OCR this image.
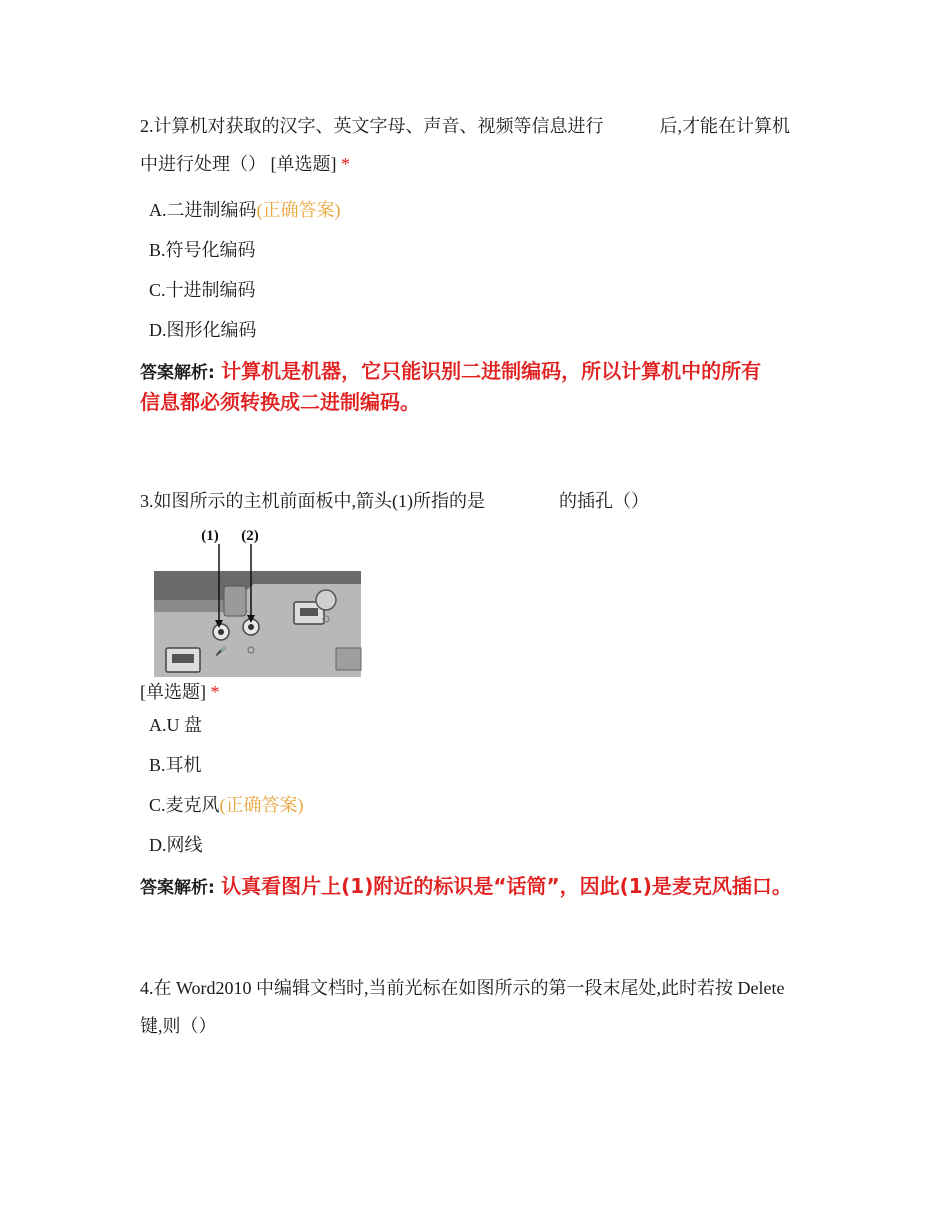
2.计算机对获取的汉字、英文字母、声音、视频等信息进行	后,才能在计算机
中进行处理（） [单选题] *
A.二进制编码(正确答案)
B.符号化编码
C.十进制编码
D.图形化编码
答案解析: 计算机是机器，它只能识别二进制编码，所以计算机中的所有
信息都必须转换成二进制编码。
3.如图所示的主机前面板中,箭头(1)所指的是	的插孔（）
(1) (2)
🎤
[单选题] *
A.U 盘
B.耳机
C.麦克风(正确答案)
D.网线
答案解析: 认真看图片上(1)附近的标识是“话筒”，因此(1)是麦克风插口。
4.在 Word2010 中编辑文档时,当前光标在如图所示的第一段末尾处,此时若按 Delete
键,则（）
